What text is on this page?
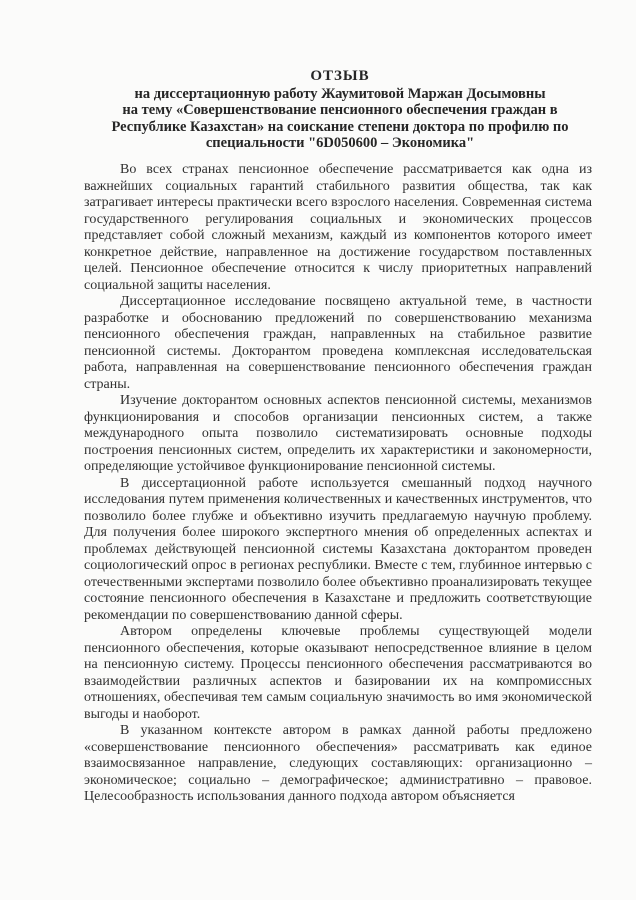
ОТЗЫВ
на диссертационную работу Жаумитовой Маржан Досымовны
на тему «Совершенствование пенсионного обеспечения граждан в
Республике Казахстан» на соискание степени доктора по профилю по
специальности "6D050600 – Экономика"

Во всех странах пенсионное обеспечение рассматривается как одна из важнейших социальных гарантий стабильного развития общества, так как затрагивает интересы практически всего взрослого населения. Современная система государственного регулирования социальных и экономических процессов представляет собой сложный механизм, каждый из компонентов которого имеет конкретное действие, направленное на достижение государством поставленных целей. Пенсионное обеспечение относится к числу приоритетных направлений социальной защиты населения.

Диссертационное исследование посвящено актуальной теме, в частности разработке и обоснованию предложений по совершенствованию механизма пенсионного обеспечения граждан, направленных на стабильное развитие пенсионной системы. Докторантом проведена комплексная исследовательская работа, направленная на совершенствование пенсионного обеспечения граждан страны.

Изучение докторантом основных аспектов пенсионной системы, механизмов функционирования и способов организации пенсионных систем, а также международного опыта позволило систематизировать основные подходы построения пенсионных систем, определить их характеристики и закономерности, определяющие устойчивое функционирование пенсионной системы.

В диссертационной работе используется смешанный подход научного исследования путем применения количественных и качественных инструментов, что позволило более глубже и объективно изучить предлагаемую научную проблему. Для получения более широкого экспертного мнения об определенных аспектах и проблемах действующей пенсионной системы Казахстана докторантом проведен социологический опрос в регионах республики. Вместе с тем, глубинное интервью с отечественными экспертами позволило более объективно проанализировать текущее состояние пенсионного обеспечения в Казахстане и предложить соответствующие рекомендации по совершенствованию данной сферы.

Автором определены ключевые проблемы существующей модели пенсионного обеспечения, которые оказывают непосредственное влияние в целом на пенсионную систему. Процессы пенсионного обеспечения рассматриваются во взаимодействии различных аспектов и базировании их на компромиссных отношениях, обеспечивая тем самым социальную значимость во имя экономической выгоды и наоборот.

В указанном контексте автором в рамках данной работы предложено «совершенствование пенсионного обеспечения» рассматривать как единое взаимосвязанное направление, следующих составляющих: организационно – экономическое; социально – демографическое; административно – правовое. Целесообразность использования данного подхода автором объясняется
